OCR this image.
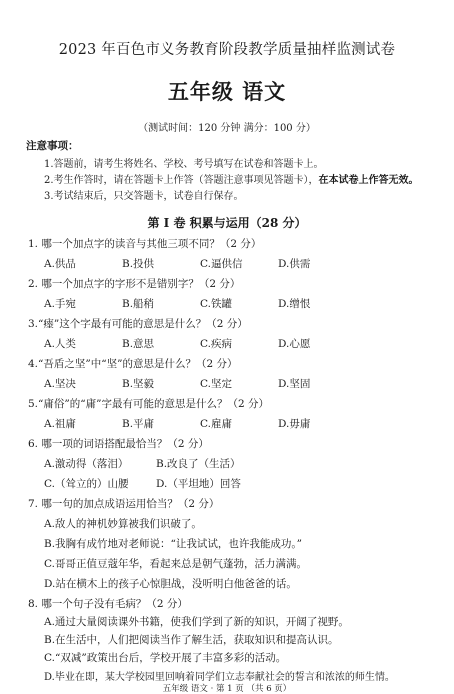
2023 年百色市义务教育阶段教学质量抽样监测试卷
五年级 语文
（测试时间：120 分钟 满分：100 分）
注意事项：
1.答题前，请考生将姓名、学校、考号填写在试卷和答题卡上。
2.考生作答时，请在答题卡上作答（答题注意事项见答题卡），在本试卷上作答无效。
3.考试结束后，只交答题卡，试卷自行保存。
第 I 卷 积累与运用（28 分）
1. 哪一个加点字的读音与其他三项不同？（2 分）
A.供品	B.投供	C.逼供信	D.供需
2. 哪一个加点字的字形不是错别字？（2 分）
A.手宛	B.船稍	C.铁罐	D.缯恨
3.“瘗”这个字最有可能的意思是什么？（2 分）
A.人类	B.意思	C.疾病	D.心愿
4.“吾盾之坚”中“坚”的意思是什么？（2 分）
A.坚决	B.坚毅	C.坚定	D.坚固
5.“庸俗”的“庸”字最有可能的意思是什么？（2 分）
A.祖庸	B.平庸	C.雇庸	D.毋庸
6. 哪一项的词语搭配最恰当？（2 分）
A.激动得（落泪）	B.改良了（生活）
C.（耸立的）山腰	D.（平坦地）回答
7. 哪一句的加点成语运用恰当？（2 分）
A.敌人的神机妙算被我们识破了。
B.我胸有成竹地对老师说：“让我试试，也许我能成功。”
C.哥哥正值豆蔻年华，看起来总是朝气蓬勃，活力满满。
D.站在横木上的孩子心惊胆战，没听明白他爸爸的话。
8. 哪一个句子没有毛病？（2 分）
A.通过大量阅读课外书籍，使我们学到了新的知识，开阔了视野。
B.在生活中，人们把阅读当作了解生活，获取知识和提高认识。
C.“双减”政策出台后，学校开展了丰富多彩的活动。
D.毕业在即，某大学校园里回响着同学们立志奉献社会的誓言和浓浓的师生情。
五年级 语文 · 第 1 页 （共 6 页）
